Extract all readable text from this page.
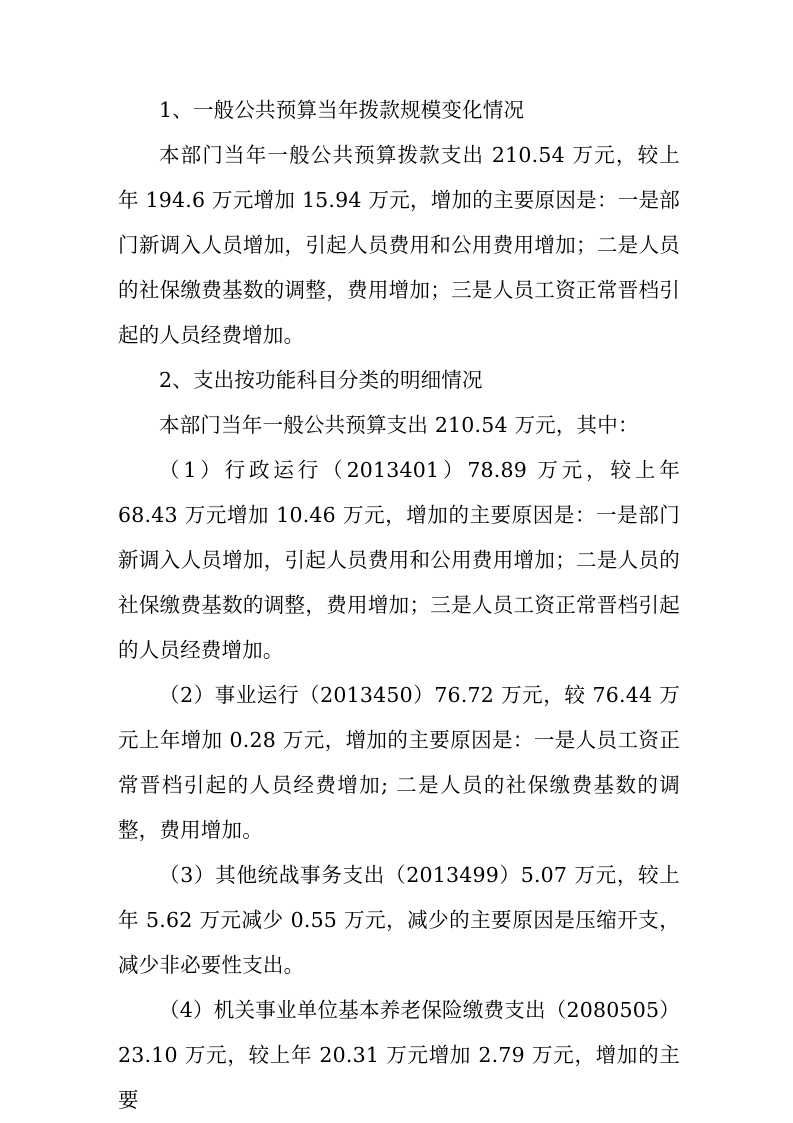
1、一般公共预算当年拨款规模变化情况

本部门当年一般公共预算拨款支出 210.54 万元，较上年 194.6 万元增加 15.94 万元，增加的主要原因是：一是部门新调入人员增加，引起人员费用和公用费用增加；二是人员的社保缴费基数的调整，费用增加；三是人员工资正常晋档引起的人员经费增加。

2、支出按功能科目分类的明细情况

本部门当年一般公共预算支出 210.54 万元，其中：

（1）行政运行（2013401）78.89 万元，较上年 68.43 万元增加 10.46 万元，增加的主要原因是：一是部门新调入人员增加，引起人员费用和公用费用增加；二是人员的社保缴费基数的调整，费用增加；三是人员工资正常晋档引起的人员经费增加。

（2）事业运行（2013450）76.72 万元，较 76.44 万元上年增加 0.28 万元，增加的主要原因是：一是人员工资正常晋档引起的人员经费增加; 二是人员的社保缴费基数的调整，费用增加。

（3）其他统战事务支出（2013499）5.07 万元，较上年 5.62 万元减少 0.55 万元，减少的主要原因是压缩开支，减少非必要性支出。

（4）机关事业单位基本养老保险缴费支出（2080505）23.10 万元，较上年 20.31 万元增加 2.79 万元，增加的主要
